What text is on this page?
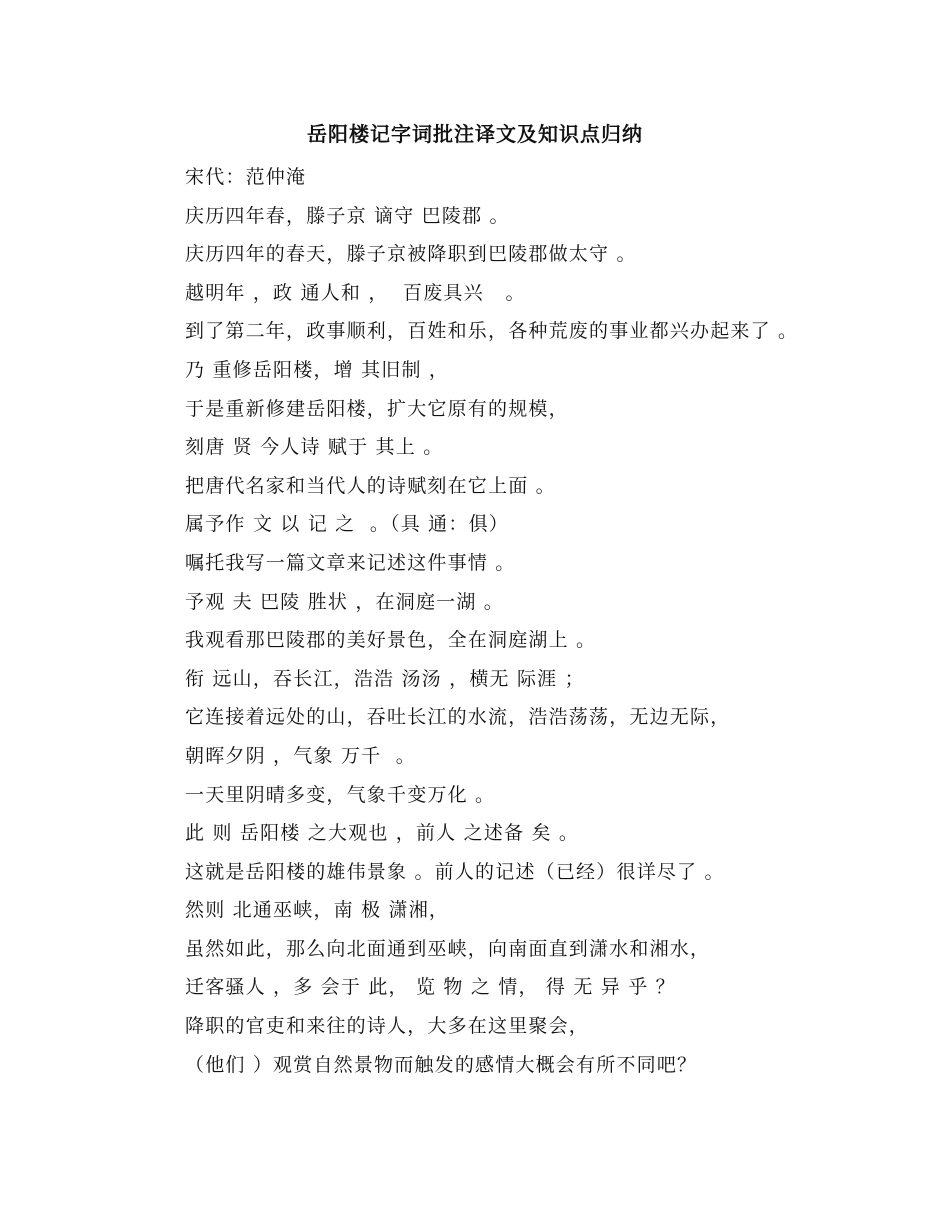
岳阳楼记字词批注译文及知识点归纳
宋代：范仲淹
庆历四年春，滕子京 谪守 巴陵郡 。
庆历四年的春天，滕子京被降职到巴陵郡做太守 。
越明年 ，政 通人和 ，  百废具兴   。
到了第二年，政事顺利，百姓和乐，各种荒废的事业都兴办起来了 。
乃 重修岳阳楼，增 其旧制 ，
于是重新修建岳阳楼，扩大它原有的规模，
刻唐 贤 今人诗 赋于 其上 。
把唐代名家和当代人的诗赋刻在它上面 。
属予作 文 以 记 之  。（具 通：俱）
嘱托我写一篇文章来记述这件事情 。
予观 夫 巴陵 胜状 ，在洞庭一湖 。
我观看那巴陵郡的美好景色，全在洞庭湖上 。
衔 远山，吞长江，浩浩 汤汤 ，横无 际涯 ；
它连接着远处的山，吞吐长江的水流，浩浩荡荡，无边无际，
朝晖夕阴 ，气象 万千  。
一天里阴晴多变，气象千变万化 。
此 则 岳阳楼 之大观也 ，前人 之述备 矣 。
这就是岳阳楼的雄伟景象 。前人的记述（已经）很详尽了 。
然则 北通巫峡，南 极 潇湘，
虽然如此，那么向北面通到巫峡，向南面直到潇水和湘水，
迁客骚人 ，多 会于 此， 览 物 之 情， 得 无 异 乎 ？
降职的官吏和来往的诗人，大多在这里聚会，
（他们 ）观赏自然景物而触发的感情大概会有所不同吧？
